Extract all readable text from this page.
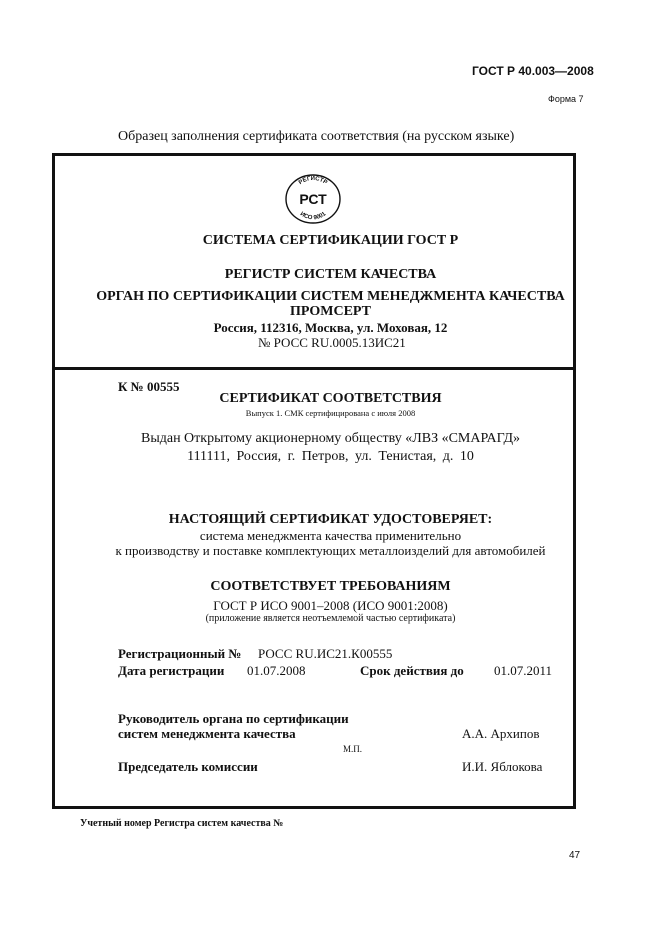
ГОСТ Р 40.003—2008
Форма 7
Образец заполнения сертификата соответствия (на русском языке)
РЕГИСТР
ИСО 9001
РСТ
СИСТЕМА СЕРТИФИКАЦИИ ГОСТ Р
РЕГИСТР СИСТЕМ КАЧЕСТВА
ОРГАН ПО СЕРТИФИКАЦИИ СИСТЕМ МЕНЕДЖМЕНТА КАЧЕСТВА
ПРОМСЕРТ
Россия, 112316, Москва, ул. Моховая, 12
№ РОСС RU.0005.13ИС21
К № 00555
СЕРТИФИКАТ СООТВЕТСТВИЯ
Выпуск 1. СМК сертифицирована с июля 2008
Выдан Открытому акционерному обществу «ЛВЗ «СМАРАГД»
111111, Россия, г. Петров, ул. Тенистая, д. 10
НАСТОЯЩИЙ СЕРТИФИКАТ УДОСТОВЕРЯЕТ:
система менеджмента качества применительно
к производству и поставке комплектующих металлоизделий для автомобилей
СООТВЕТСТВУЕТ ТРЕБОВАНИЯМ
ГОСТ Р ИСО 9001–2008 (ИСО 9001:2008)
(приложение является неотъемлемой частью сертификата)
Регистрационный № РОСС RU.ИС21.К00555
Дата регистрации 01.07.2008	Срок действия до 01.07.2011
Руководитель органа по сертификации
систем менеджмента качества	А.А. Архипов
М.П.
Председатель комиссии	И.И. Яблокова
Учетный номер Регистра систем качества №
47
